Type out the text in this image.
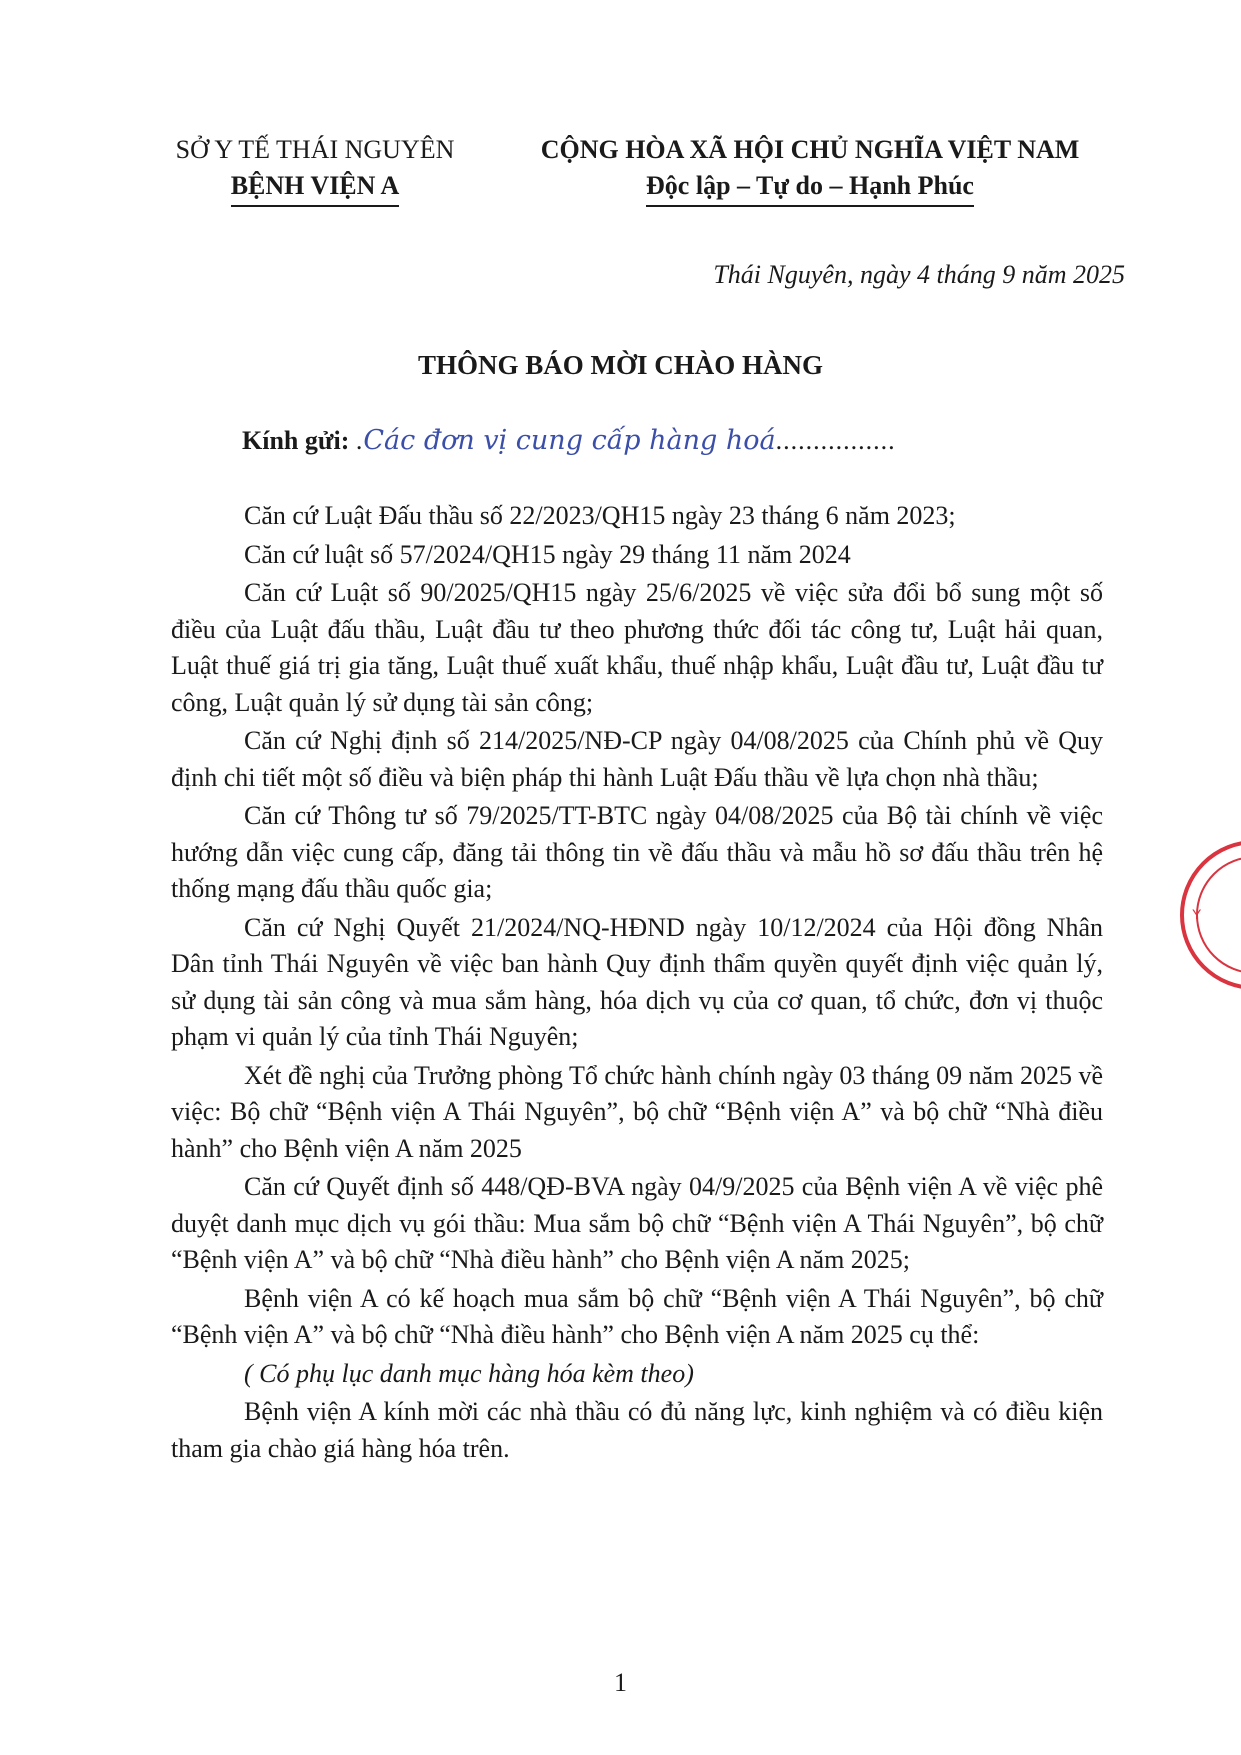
SỞ Y TẾ THÁI NGUYÊN
BỆNH VIỆN A
CỘNG HÒA XÃ HỘI CHỦ NGHĨA VIỆT NAM
Độc lập – Tự do – Hạnh Phúc
Thái Nguyên, ngày 4 tháng 9 năm 2025
THÔNG BÁO MỜI CHÀO HÀNG
Kính gửi: .Các đơn vị cung cấp hàng hoá................

Căn cứ Luật Đấu thầu số 22/2023/QH15 ngày 23 tháng 6 năm 2023;

Căn cứ luật số 57/2024/QH15 ngày 29 tháng 11 năm 2024

Căn cứ Luật số 90/2025/QH15 ngày 25/6/2025 về việc sửa đổi bổ sung một số điều của Luật đấu thầu, Luật đầu tư theo phương thức đối tác công tư, Luật hải quan, Luật thuế giá trị gia tăng, Luật thuế xuất khẩu, thuế nhập khẩu, Luật đầu tư, Luật đầu tư công, Luật quản lý sử dụng tài sản công;

Căn cứ Nghị định số 214/2025/NĐ-CP ngày 04/08/2025 của Chính phủ về Quy định chi tiết một số điều và biện pháp thi hành Luật Đấu thầu về lựa chọn nhà thầu;

Căn cứ Thông tư số 79/2025/TT-BTC ngày 04/08/2025 của Bộ tài chính về việc hướng dẫn việc cung cấp, đăng tải thông tin về đấu thầu và mẫu hồ sơ đấu thầu trên hệ thống mạng đấu thầu quốc gia;

Căn cứ Nghị Quyết 21/2024/NQ-HĐND ngày 10/12/2024 của Hội đồng Nhân Dân tỉnh Thái Nguyên về việc ban hành Quy định thẩm quyền quyết định việc quản lý, sử dụng tài sản công và mua sắm hàng, hóa dịch vụ của cơ quan, tổ chức, đơn vị thuộc phạm vi quản lý của tỉnh Thái Nguyên;

Xét đề nghị của Trưởng phòng Tổ chức hành chính ngày 03 tháng 09 năm 2025 về việc: Bộ chữ “Bệnh viện A Thái Nguyên”, bộ chữ “Bệnh viện A” và bộ chữ “Nhà điều hành” cho Bệnh viện A năm 2025

Căn cứ Quyết định số 448/QĐ-BVA ngày 04/9/2025 của Bệnh viện A về việc phê duyệt danh mục dịch vụ gói thầu: Mua sắm bộ chữ “Bệnh viện A Thái Nguyên”, bộ chữ “Bệnh viện A” và bộ chữ “Nhà điều hành” cho Bệnh viện A năm 2025;

Bệnh viện A có kế hoạch mua sắm bộ chữ “Bệnh viện A Thái Nguyên”, bộ chữ “Bệnh viện A” và bộ chữ “Nhà điều hành” cho Bệnh viện A năm 2025 cụ thể:

( Có phụ lục danh mục hàng hóa kèm theo)

Bệnh viện A kính mời các nhà thầu có đủ năng lực, kinh nghiệm và có điều kiện tham gia chào giá hàng hóa trên.

1
Y
